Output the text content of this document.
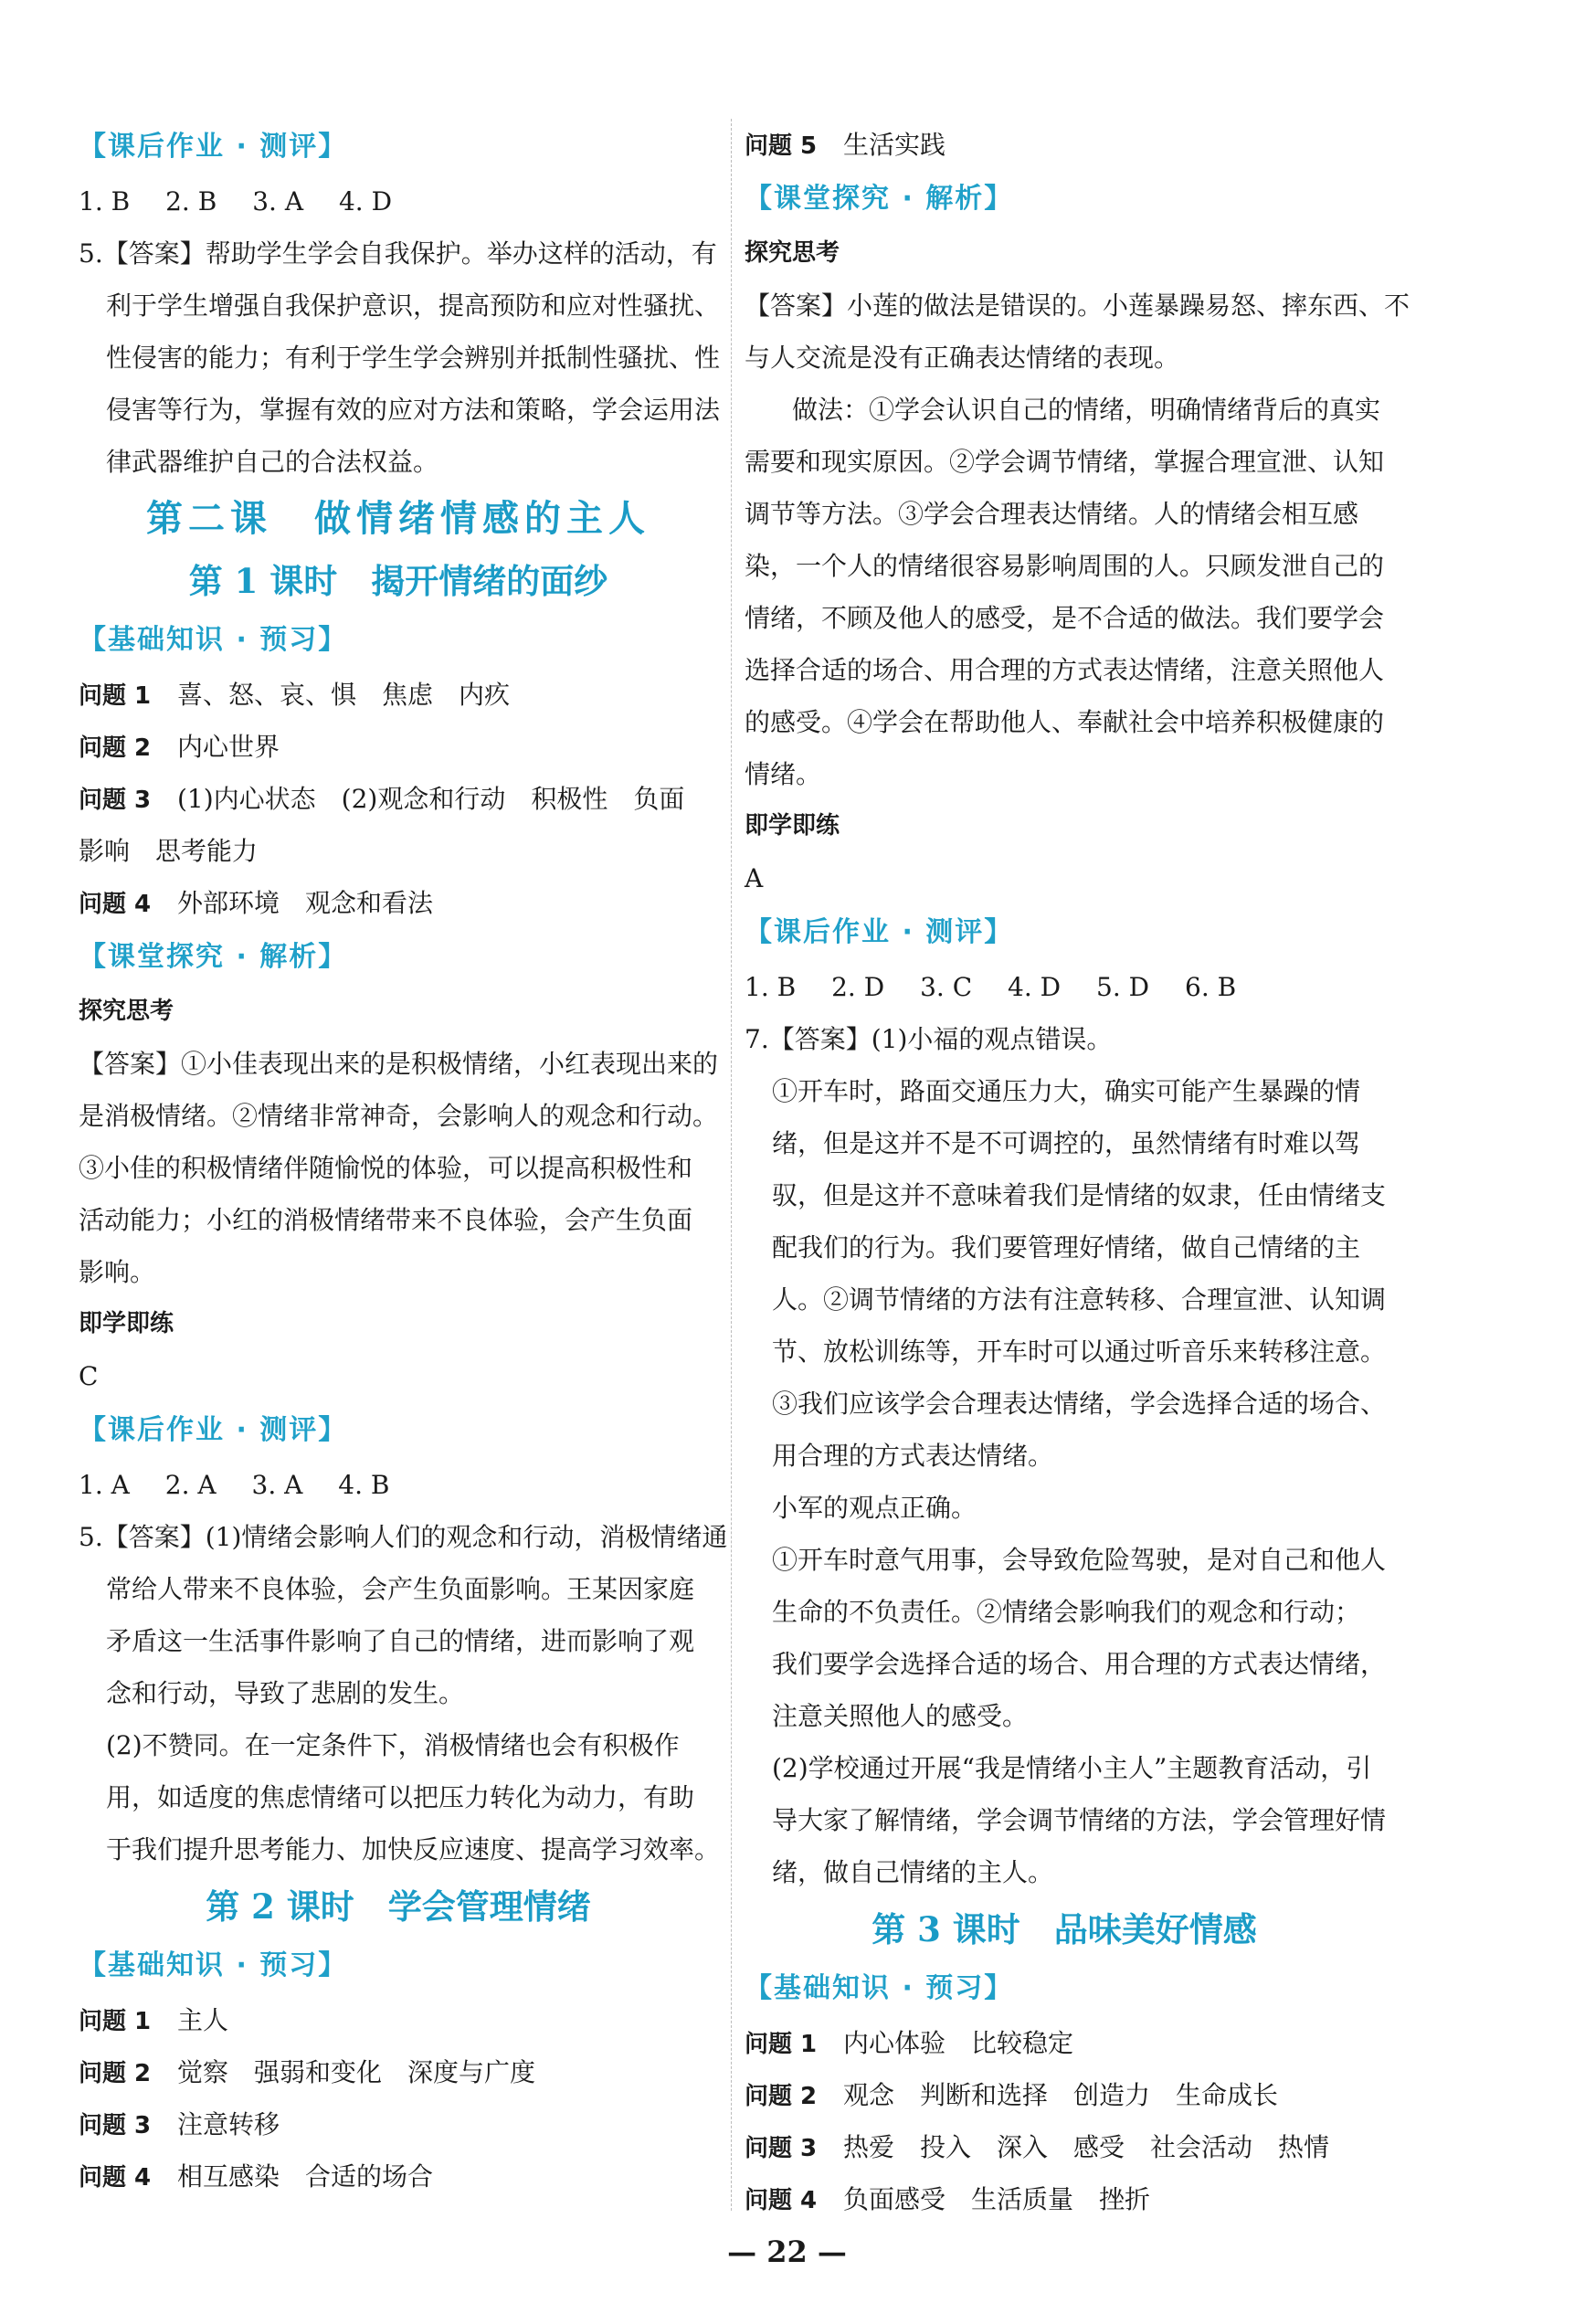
【课后作业 · 测评】
1. B 2. B 3. A 4. D
5.【答案】帮助学生学会自我保护。举办这样的活动，有
利于学生增强自我保护意识，提高预防和应对性骚扰、
性侵害的能力；有利于学生学会辨别并抵制性骚扰、性
侵害等行为，掌握有效的应对方法和策略，学会运用法
律武器维护自己的合法权益。
第二课　做情绪情感的主人
第 1 课时　揭开情绪的面纱
【基础知识 · 预习】
问题 1 喜、怒、哀、惧　焦虑　内疚
问题 2 内心世界
问题 3 (1)内心状态　(2)观念和行动　积极性　负面
影响　思考能力
问题 4 外部环境　观念和看法
【课堂探究 · 解析】
探究思考
【答案】①小佳表现出来的是积极情绪，小红表现出来的
是消极情绪。②情绪非常神奇，会影响人的观念和行动。
③小佳的积极情绪伴随愉悦的体验，可以提高积极性和
活动能力；小红的消极情绪带来不良体验，会产生负面
影响。
即学即练
C
【课后作业 · 测评】
1. A 2. A 3. A 4. B
5.【答案】(1)情绪会影响人们的观念和行动，消极情绪通
常给人带来不良体验，会产生负面影响。王某因家庭
矛盾这一生活事件影响了自己的情绪，进而影响了观
念和行动，导致了悲剧的发生。
(2)不赞同。在一定条件下，消极情绪也会有积极作
用，如适度的焦虑情绪可以把压力转化为动力，有助
于我们提升思考能力、加快反应速度、提高学习效率。
第 2 课时　学会管理情绪
【基础知识 · 预习】
问题 1 主人
问题 2 觉察　强弱和变化　深度与广度
问题 3 注意转移
问题 4 相互感染　合适的场合
问题 5 生活实践
【课堂探究 · 解析】
探究思考
【答案】小莲的做法是错误的。小莲暴躁易怒、摔东西、不
与人交流是没有正确表达情绪的表现。
做法：①学会认识自己的情绪，明确情绪背后的真实
需要和现实原因。②学会调节情绪，掌握合理宣泄、认知
调节等方法。③学会合理表达情绪。人的情绪会相互感
染，一个人的情绪很容易影响周围的人。只顾发泄自己的
情绪，不顾及他人的感受，是不合适的做法。我们要学会
选择合适的场合、用合理的方式表达情绪，注意关照他人
的感受。④学会在帮助他人、奉献社会中培养积极健康的
情绪。
即学即练
A
【课后作业 · 测评】
1. B 2. D 3. C 4. D 5. D 6. B
7.【答案】(1)小福的观点错误。
①开车时，路面交通压力大，确实可能产生暴躁的情
绪，但是这并不是不可调控的，虽然情绪有时难以驾
驭，但是这并不意味着我们是情绪的奴隶，任由情绪支
配我们的行为。我们要管理好情绪，做自己情绪的主
人。②调节情绪的方法有注意转移、合理宣泄、认知调
节、放松训练等，开车时可以通过听音乐来转移注意。
③我们应该学会合理表达情绪，学会选择合适的场合、
用合理的方式表达情绪。
小军的观点正确。
①开车时意气用事，会导致危险驾驶，是对自己和他人
生命的不负责任。②情绪会影响我们的观念和行动；
我们要学会选择合适的场合、用合理的方式表达情绪，
注意关照他人的感受。
(2)学校通过开展“我是情绪小主人”主题教育活动，引
导大家了解情绪，学会调节情绪的方法，学会管理好情
绪，做自己情绪的主人。
第 3 课时　品味美好情感
【基础知识 · 预习】
问题 1 内心体验　比较稳定
问题 2 观念　判断和选择　创造力　生命成长
问题 3 热爱　投入　深入　感受　社会活动　热情
问题 4 负面感受　生活质量　挫折
— 22 —
